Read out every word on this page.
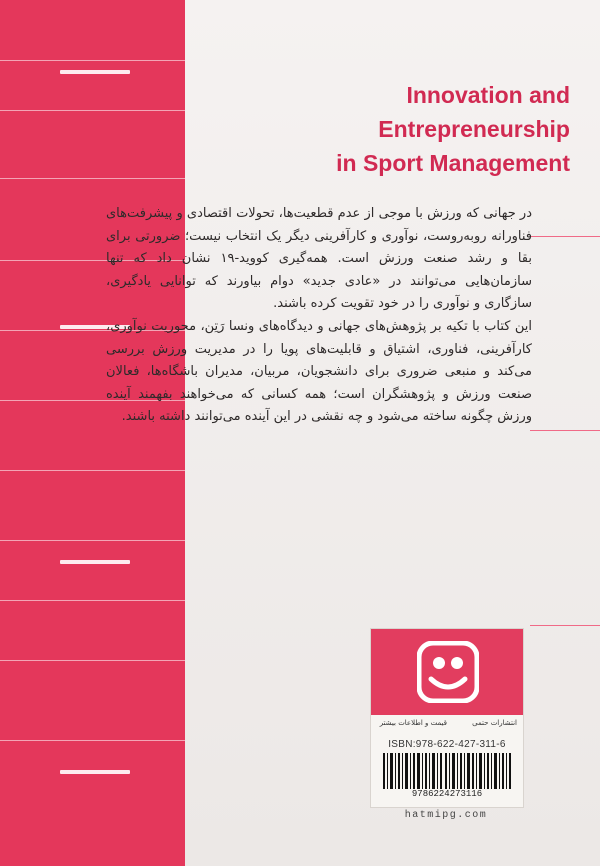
Innovation and
Entrepreneurship
in Sport Management

در جهانی که ورزش با موجی از عدم قطعیت‌ها، تحولات اقتصادی و پیشرفت‌های فناورانه روبه‌روست، نوآوری و کارآفرینی دیگر یک انتخاب نیست؛ ضرورتی برای بقا و رشد صنعت ورزش است. همه‌گیری کووید-۱۹ نشان داد که تنها سازمان‌هایی می‌توانند در «عادی جدید» دوام بیاورند که توانایی یادگیری، سازگاری و نوآوری را در خود تقویت کرده باشند.

این کتاب با تکیه بر پژوهش‌های جهانی و دیدگاه‌های ونسا رَتِن، محوریت نوآوری، کارآفرینی، فناوری، اشتیاق و قابلیت‌های پویا را در مدیریت ورزش بررسی می‌کند و منبعی ضروری برای دانشجویان، مربیان، مدیران باشگاه‌ها، فعالان صنعت ورزش و پژوهشگران است؛ همه کسانی که می‌خواهند بفهمند آینده ورزش چگونه ساخته می‌شود و چه نقشی در این آینده می‌توانند داشته باشند.

انتشارات حتمی
قیمت و اطلاعات بیشتر
ISBN:978-622-427-311-6
9786224273116
hatmipg.com
